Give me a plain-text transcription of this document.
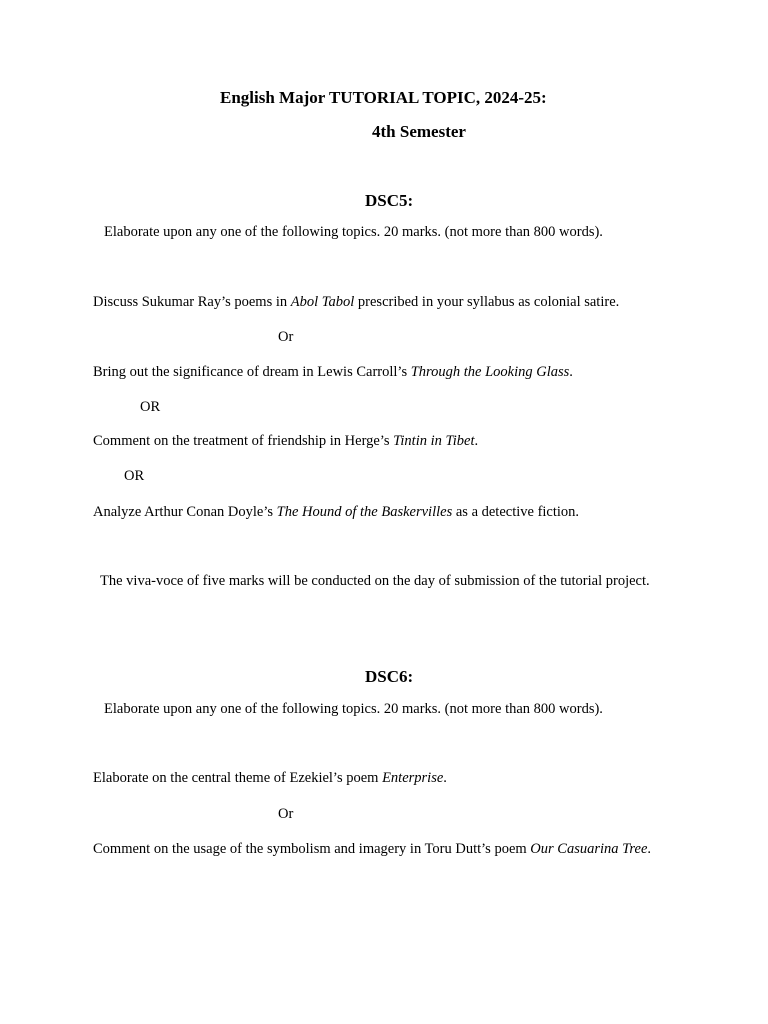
English Major TUTORIAL TOPIC, 2024-25:
4th Semester
DSC5:
Elaborate upon any one of the following topics. 20 marks. (not more than 800 words).
Discuss Sukumar Ray’s poems in Abol Tabol prescribed in your syllabus as colonial satire.
Or
Bring out the significance of dream in Lewis Carroll’s Through the Looking Glass.
OR
Comment on the treatment of friendship in Herge’s Tintin in Tibet.
OR
Analyze Arthur Conan Doyle’s The Hound of the Baskervilles as a detective fiction.
The viva-voce of five marks will be conducted on the day of submission of the tutorial project.
DSC6:
Elaborate upon any one of the following topics. 20 marks. (not more than 800 words).
Elaborate on the central theme of Ezekiel’s poem Enterprise.
Or
Comment on the usage of the symbolism and imagery in Toru Dutt’s poem Our Casuarina Tree.
